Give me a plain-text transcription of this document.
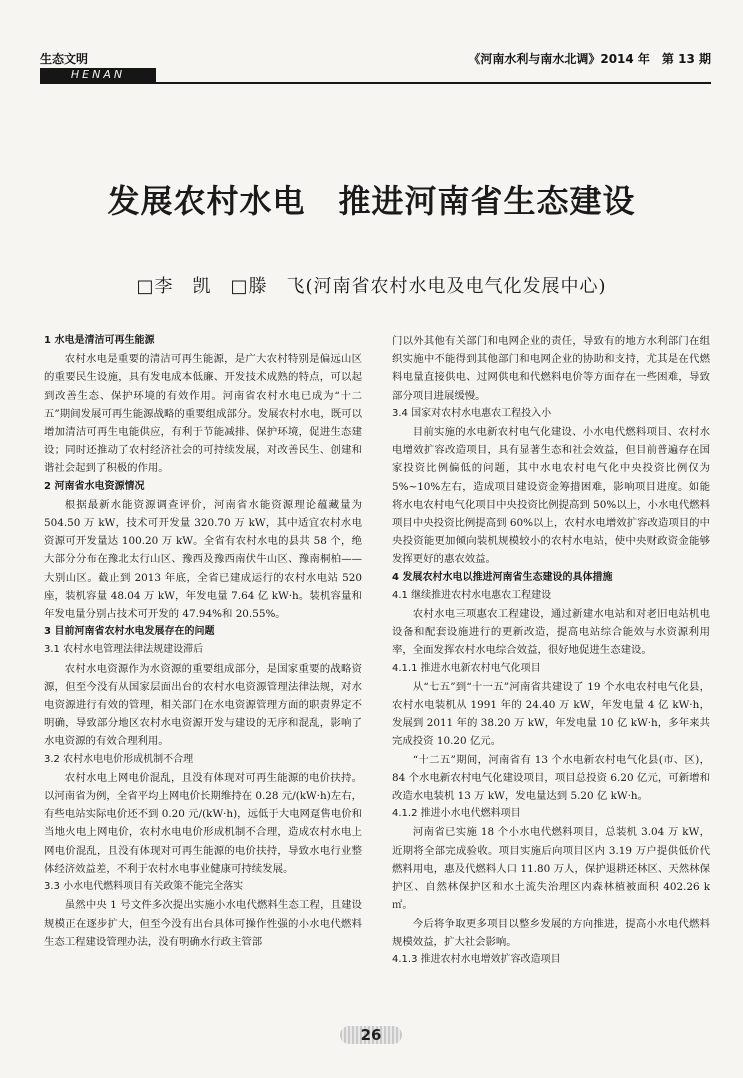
生态文明	《河南水利与南水北调》2014 年　第 13 期
HENAN
发展农村水电　推进河南省生态建设
□李　凯　□滕　飞(河南省农村水电及电气化发展中心)
1 水电是清洁可再生能源

农村水电是重要的清洁可再生能源，是广大农村特别是偏远山区的重要民生设施，具有发电成本低廉、开发技术成熟的特点，可以起到改善生态、保护环境的有效作用。河南省农村水电已成为“十二五”期间发展可再生能源战略的重要组成部分。发展农村水电，既可以增加清洁可再生电能供应，有利于节能减排、保护环境，促进生态建设；同时还推动了农村经济社会的可持续发展，对改善民生、创建和谐社会起到了积极的作用。

2 河南省水电资源情况

根据最新水能资源调查评价，河南省水能资源理论蕴藏量为 504.50 万 kW，技术可开发量 320.70 万 kW，其中适宜农村水电资源可开发量达 100.20 万 kW。全省有农村水电的县共 58 个，绝大部分分布在豫北太行山区、豫西及豫西南伏牛山区、豫南桐柏——大别山区。截止到 2013 年底，全省已建成运行的农村水电站 520 座，装机容量 48.04 万 kW，年发电量 7.64 亿 kW·h。装机容量和年发电量分别占技术可开发的 47.94%和 20.55%。

3 目前河南省农村水电发展存在的问题
3.1 农村水电管理法律法规建设滞后

农村水电资源作为水资源的重要组成部分，是国家重要的战略资源，但至今没有从国家层面出台的农村水电资源管理法律法规，对水电资源进行有效的管理，相关部门在水电资源管理方面的职责界定不明确，导致部分地区农村水电资源开发与建设的无序和混乱，影响了水电资源的有效合理利用。

3.2 农村水电电价形成机制不合理

农村水电上网电价混乱，且没有体现对可再生能源的电价扶持。以河南省为例，全省平均上网电价长期维持在 0.28 元/(kW·h)左右，有些电站实际电价还不到 0.20 元/(kW·h)，远低于大电网趸售电价和当地火电上网电价，农村水电电价形成机制不合理，造成农村水电上网电价混乱，且没有体现对可再生能源的电价扶持，导致水电行业整体经济效益差，不利于农村水电事业健康可持续发展。

3.3 小水电代燃料项目有关政策不能完全落实

虽然中央 1 号文件多次提出实施小水电代燃料生态工程，且建设规模正在逐步扩大，但至今没有出台具体可操作性强的小水电代燃料生态工程建设管理办法，没有明确水行政主管部

门以外其他有关部门和电网企业的责任，导致有的地方水利部门在组织实施中不能得到其他部门和电网企业的协助和支持，尤其是在代燃料电量直接供电、过网供电和代燃料电价等方面存在一些困难，导致部分项目进展缓慢。

3.4 国家对农村水电惠农工程投入小

目前实施的水电新农村电气化建设、小水电代燃料项目、农村水电增效扩容改造项目，具有显著生态和社会效益，但目前普遍存在国家投资比例偏低的问题，其中水电农村电气化中央投资比例仅为 5%~10%左右，造成项目建设资金筹措困难，影响项目进度。如能将水电农村电气化项目中央投资比例提高到 50%以上，小水电代燃料项目中央投资比例提高到 60%以上，农村水电增效扩容改造项目的中央投资能更加倾向装机规模较小的农村水电站，使中央财政资金能够发挥更好的惠农效益。

4 发展农村水电以推进河南省生态建设的具体措施
4.1 继续推进农村水电惠农工程建设

农村水电三项惠农工程建设，通过新建水电站和对老旧电站机电设备和配套设施进行的更新改造，提高电站综合能效与水资源利用率，全面发挥农村水电综合效益，很好地促进生态建设。

4.1.1 推进水电新农村电气化项目

从“七五”到“十一五”河南省共建设了 19 个水电农村电气化县，农村水电装机从 1991 年的 24.40 万 kW，年发电量 4 亿 kW·h，发展到 2011 年的 38.20 万 kW，年发电量 10 亿 kW·h，多年来共完成投资 10.20 亿元。

“十二五”期间，河南省有 13 个水电新农村电气化县(市、区)，84 个水电新农村电气化建设项目，项目总投资 6.20 亿元，可新增和改造水电装机 13 万 kW，发电量达到 5.20 亿 kW·h。

4.1.2 推进小水电代燃料项目

河南省已实施 18 个小水电代燃料项目，总装机 3.04 万 kW，近期将全部完成验收。项目实施后向项目区内 3.19 万户提供低价代燃料用电，惠及代燃料人口 11.80 万人，保护退耕还林区、天然林保护区、自然林保护区和水土流失治理区内森林植被面积 402.26 k㎡。

今后将争取更多项目以整乡发展的方向推进，提高小水电代燃料规模效益，扩大社会影响。

4.1.3 推进农村水电增效扩容改造项目
26
